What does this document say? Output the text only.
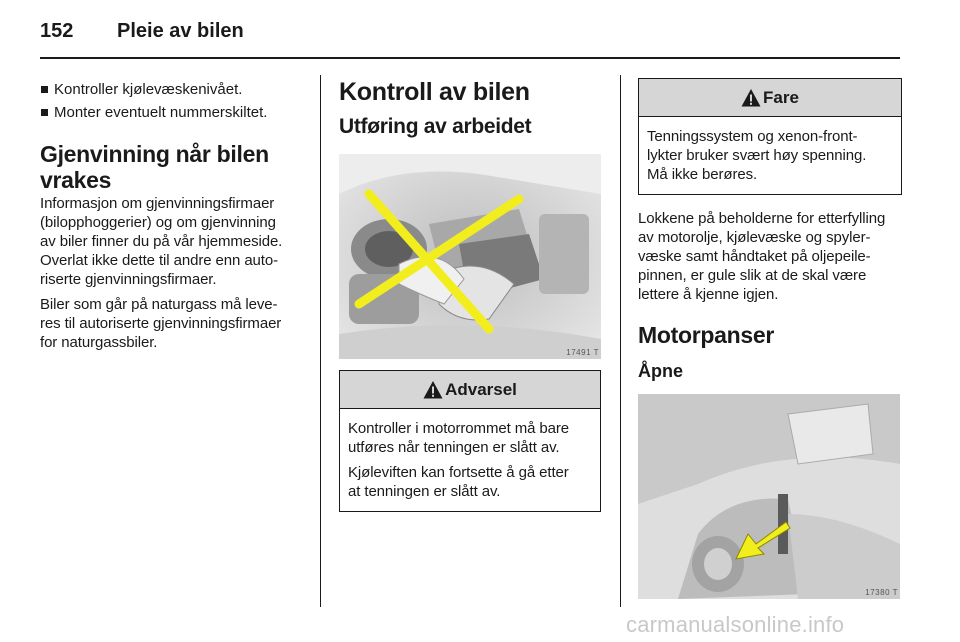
152 Pleie av bilen
Kontroller kjølevæskenivået.
Monter eventuelt nummerskiltet.
Gjenvinning når bilen
vrakes

Informasjon om gjenvinningsfirmaer
(bilopphoggerier) og om gjenvinning
av biler finner du på vår hjemmeside.
Overlat ikke dette til andre enn auto-
riserte gjenvinningsfirmaer.

Biler som går på naturgass må leve-
res til autoriserte gjenvinningsfirmaer
for naturgassbiler.

Kontroll av bilen
Utføring av arbeidet
17491 T
Advarsel

Kontroller i motorrommet må bare
utføres når tenningen er slått av.

Kjøleviften kan fortsette å gå etter
at tenningen er slått av.

Fare

Tenningssystem og xenon-front-
lykter bruker svært høy spenning.
Må ikke berøres.

Lokkene på beholderne for etterfylling
av motorolje, kjølevæske og spyler-
væske samt håndtaket på oljepeile-
pinnen, er gule slik at de skal være
lettere å kjenne igjen.

Motorpanser
Åpne
17380 T
carmanualsonline.info
